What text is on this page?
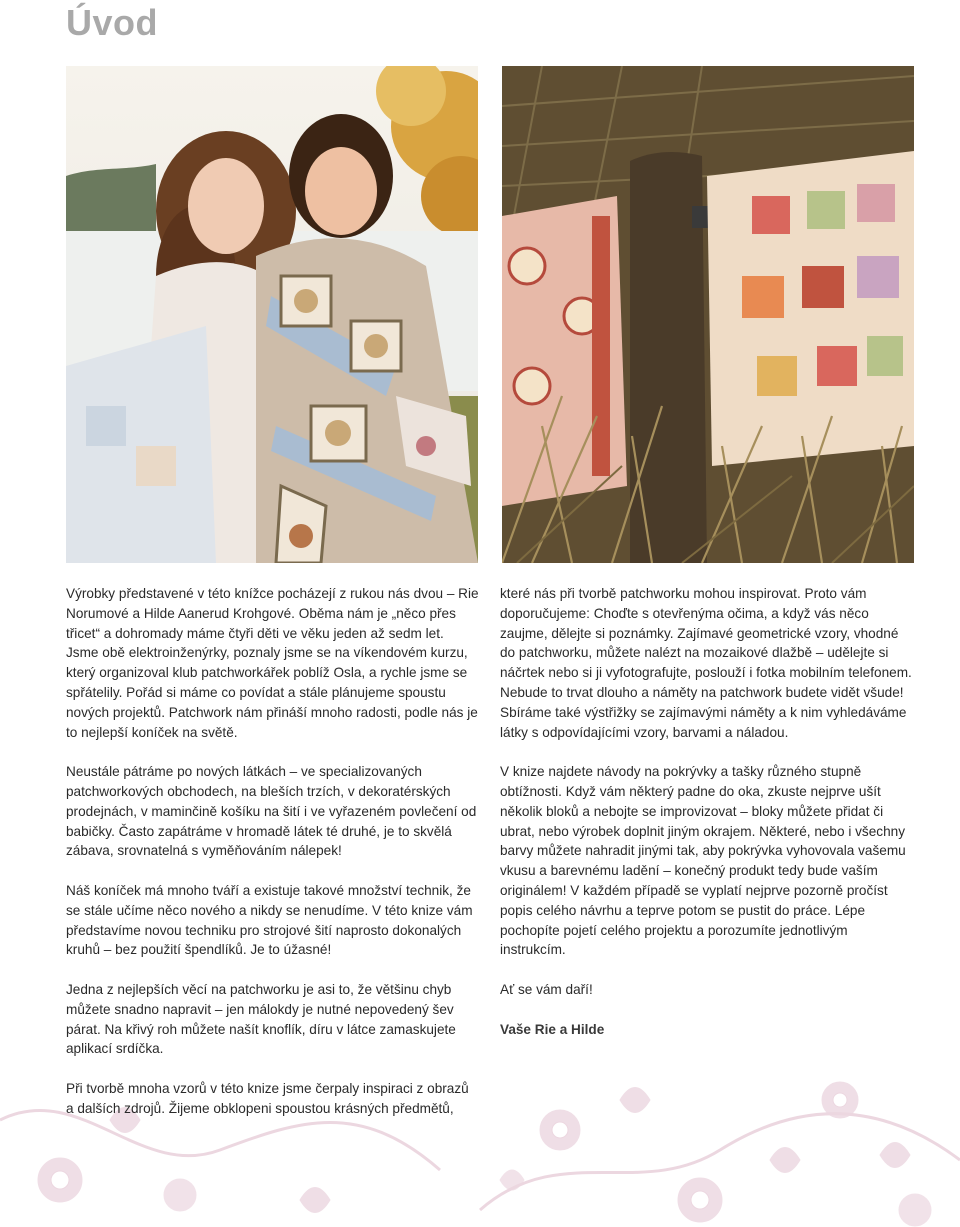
Úvod

Výrobky představené v této knížce pocházejí z rukou nás dvou – Rie Norumové a Hilde Aanerud Krohgové. Oběma nám je „něco přes třicet“ a dohromady máme čtyři děti ve věku jeden až sedm let. Jsme obě elektroinženýrky, poznaly jsme se na víkendovém kurzu, který organizoval klub patchworkářek poblíž Osla, a rychle jsme se spřátelily. Pořád si máme co povídat a stále plánujeme spoustu nových projektů. Patchwork nám přináší mnoho radosti, podle nás je to nejlepší koníček na světě.

Neustále pátráme po nových látkách – ve specializovaných patchworkových obchodech, na bleších trzích, v dekoratérských prodejnách, v maminčině košíku na šití i ve vyřazeném povlečení od babičky. Často zapátráme v hromadě látek té druhé, je to skvělá zábava, srovnatelná s vyměňováním nálepek!

Náš koníček má mnoho tváří a existuje takové množství technik, že se stále učíme něco nového a nikdy se nenudíme. V této knize vám představíme novou techniku pro strojové šití naprosto dokonalých kruhů – bez použití špendlíků. Je to úžasné!

Jedna z nejlepších věcí na patchworku je asi to, že většinu chyb můžete snadno napravit – jen málokdy je nutné nepovedený šev párat. Na křivý roh můžete našít knoflík, díru v látce zamaskujete aplikací srdíčka.

Při tvorbě mnoha vzorů v této knize jsme čerpaly inspiraci z obrazů a dalších zdrojů. Žijeme obklopeni spoustou krásných předmětů,

které nás při tvorbě patchworku mohou inspirovat. Proto vám doporučujeme: Choďte s otevřenýma očima, a když vás něco zaujme, dělejte si poznámky. Zajímavé geometrické vzory, vhodné do patchworku, můžete nalézt na mozaikové dlažbě – udělejte si náčrtek nebo si ji vyfotografujte, poslouží i fotka mobilním telefonem. Nebude to trvat dlouho a náměty na patchwork budete vidět všude! Sbíráme také výstřižky se zajímavými náměty a k nim vyhledáváme látky s odpovídajícími vzory, barvami a náladou.

V knize najdete návody na pokrývky a tašky různého stupně obtížnosti. Když vám některý padne do oka, zkuste nejprve ušít několik bloků a nebojte se improvizovat – bloky můžete přidat či ubrat, nebo výrobek doplnit jiným okrajem. Některé, nebo i všechny barvy můžete nahradit jinými tak, aby pokrývka vyhovovala vašemu vkusu a barevnému ladění – konečný produkt tedy bude vaším originálem! V každém případě se vyplatí nejprve pozorně pročíst popis celého návrhu a teprve potom se pustit do práce. Lépe pochopíte pojetí celého projektu a porozumíte jednotlivým instrukcím.

Ať se vám daří!

Vaše Rie a Hilde
